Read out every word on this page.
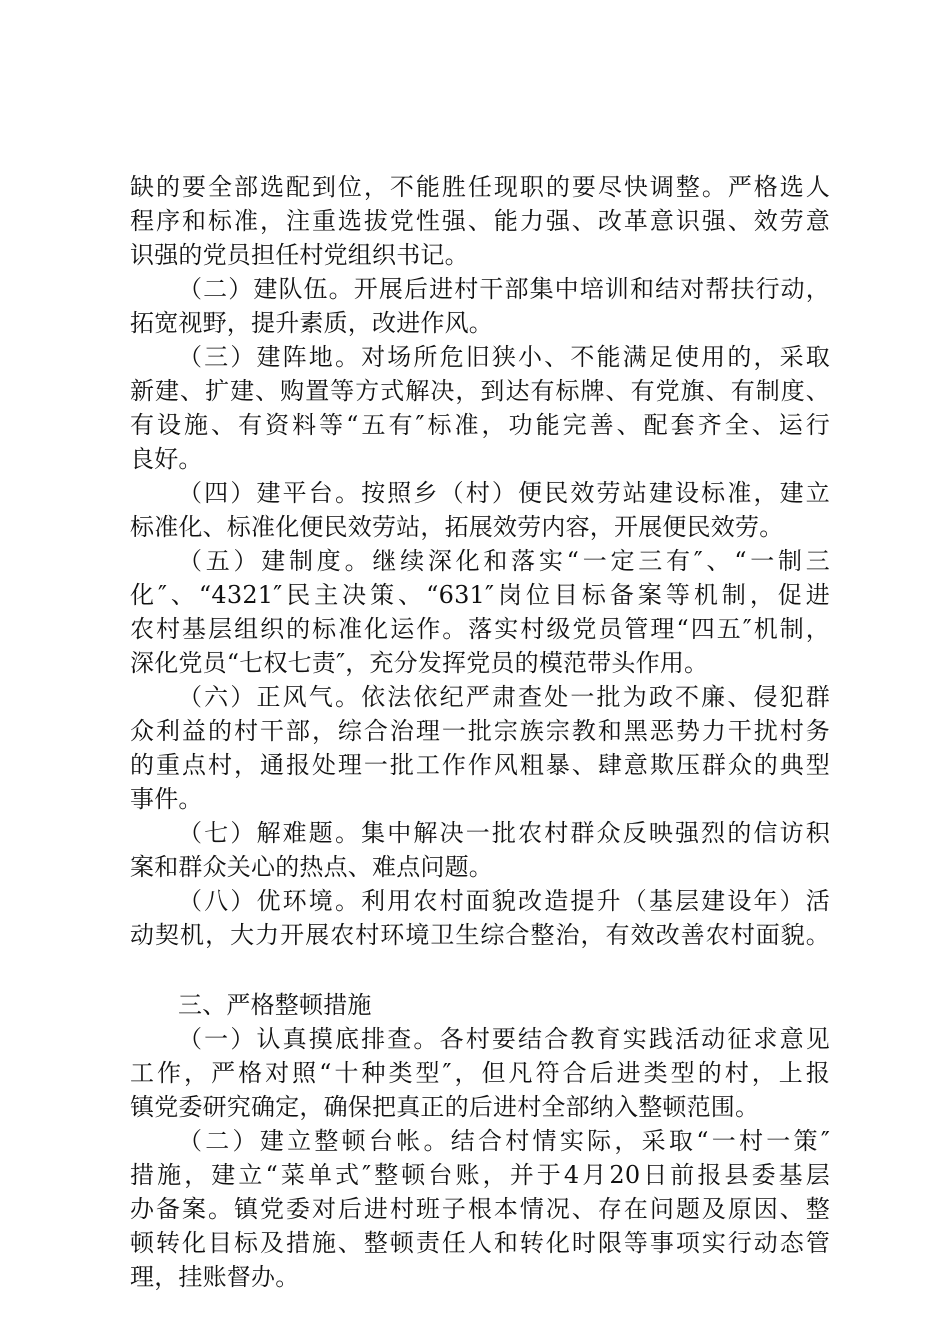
缺的要全部选配到位，不能胜任现职的要尽快调整。严格选人
程序和标准，注重选拔党性强、能力强、改革意识强、效劳意
识强的党员担任村党组织书记。
（二）建队伍。开展后进村干部集中培训和结对帮扶行动，
拓宽视野，提升素质，改进作风。
（三）建阵地。对场所危旧狭小、不能满足使用的，采取
新建、扩建、购置等方式解决，到达有标牌、有党旗、有制度、
有设施、有资料等“五有″标准，功能完善、配套齐全、运行
良好。
（四）建平台。按照乡（村）便民效劳站建设标准，建立
标准化、标准化便民效劳站，拓展效劳内容，开展便民效劳。
（五）建制度。继续深化和落实“一定三有″、“一制三
化″、“4321″民主决策、“631″岗位目标备案等机制，促进
农村基层组织的标准化运作。落实村级党员管理“四五″机制，
深化党员“七权七责″，充分发挥党员的模范带头作用。
（六）正风气。依法依纪严肃查处一批为政不廉、侵犯群
众利益的村干部，综合治理一批宗族宗教和黑恶势力干扰村务
的重点村，通报处理一批工作作风粗暴、肆意欺压群众的典型
事件。
（七）解难题。集中解决一批农村群众反映强烈的信访积
案和群众关心的热点、难点问题。
（八）优环境。利用农村面貌改造提升（基层建设年）活
动契机，大力开展农村环境卫生综合整治，有效改善农村面貌。
三、严格整顿措施
（一）认真摸底排查。各村要结合教育实践活动征求意见
工作，严格对照“十种类型″，但凡符合后进类型的村，上报
镇党委研究确定，确保把真正的后进村全部纳入整顿范围。
（二）建立整顿台帐。结合村情实际，采取“一村一策″
措施，建立“菜单式″整顿台账，并于4月20日前报县委基层
办备案。镇党委对后进村班子根本情况、存在问题及原因、整
顿转化目标及措施、整顿责任人和转化时限等事项实行动态管
理，挂账督办。
